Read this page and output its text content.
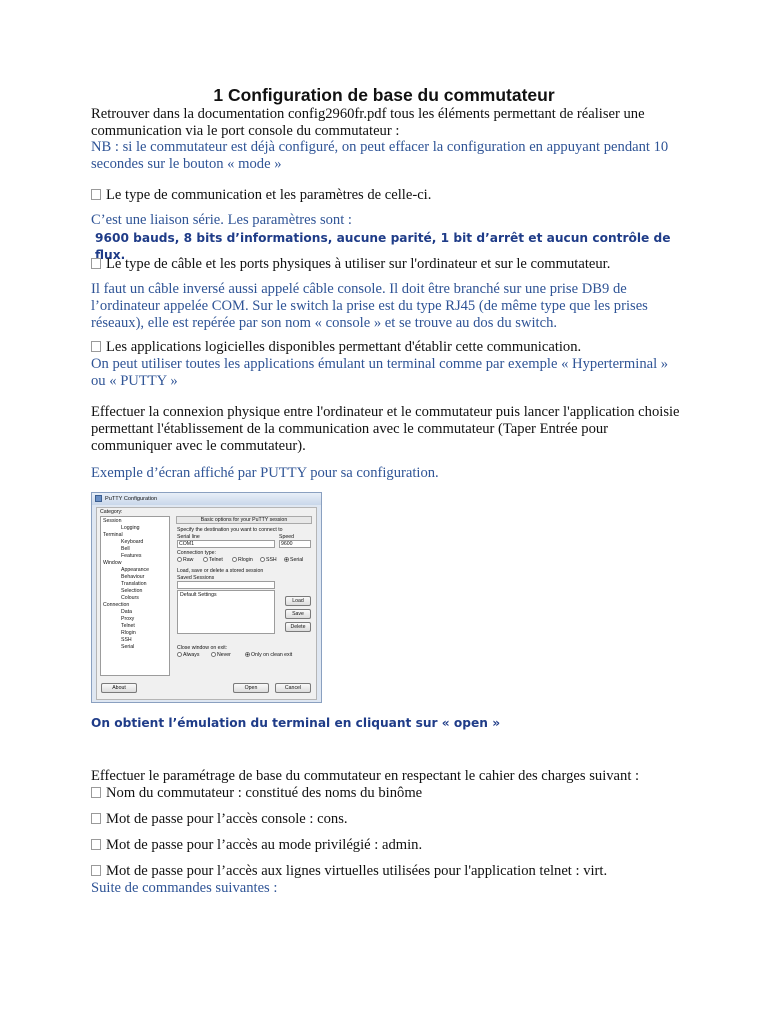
1 Configuration de base du commutateur
Retrouver dans la documentation config2960fr.pdf tous les éléments permettant de réaliser une communication via le port console du commutateur :
NB : si le commutateur est déjà configuré, on peut effacer la configuration en appuyant pendant 10 secondes sur le bouton « mode »
Le type de communication et les paramètres de celle-ci.
C’est une liaison série. Les paramètres sont :
9600 bauds, 8 bits d’informations, aucune parité, 1 bit d’arrêt et aucun contrôle de flux.
Le type de câble et les ports physiques à utiliser sur l'ordinateur et sur le commutateur.
Il faut un câble inversé aussi appelé câble console. Il doit être branché sur une prise DB9 de l’ordinateur appelée COM. Sur le switch la prise est du type RJ45 (de même type que les prises réseaux), elle est repérée par son nom « console » et se trouve au dos du switch.
Les applications logicielles disponibles permettant d'établir cette communication.
On peut utiliser toutes les applications émulant un terminal comme par exemple « Hyperterminal » ou « PUTTY »
Effectuer la connexion physique entre l'ordinateur et le commutateur puis lancer l'application choisie permettant l'établissement de la communication avec le commutateur (Taper Entrée pour communiquer avec le commutateur).
Exemple d’écran affiché par PUTTY pour sa configuration.
PuTTY Configuration
Category:
Session
Logging
Terminal
Keyboard
Bell
Features
Window
Appearance
Behaviour
Translation
Selection
Colours
Connection
Data
Proxy
Telnet
Rlogin
SSH
Serial
Basic options for your PuTTY session
Specify the destination you want to connect to
Serial line	Speed
COM1	9600
Connection type:
Raw	Telnet	Rlogin	SSH	Serial
Load, save or delete a stored session
Saved Sessions
Default Settings
Load
Save
Delete
Close window on exit:
Always	Never	Only on clean exit
About	Open	Cancel
On obtient l’émulation du terminal en cliquant sur « open »
Effectuer le paramétrage de base du commutateur en respectant le cahier des charges suivant :
Nom du commutateur : constitué des noms du binôme
Mot de passe pour l’accès console : cons.
Mot de passe pour l’accès au mode privilégié : admin.
Mot de passe pour l’accès aux lignes virtuelles utilisées pour l'application telnet : virt.
Suite de commandes suivantes :
